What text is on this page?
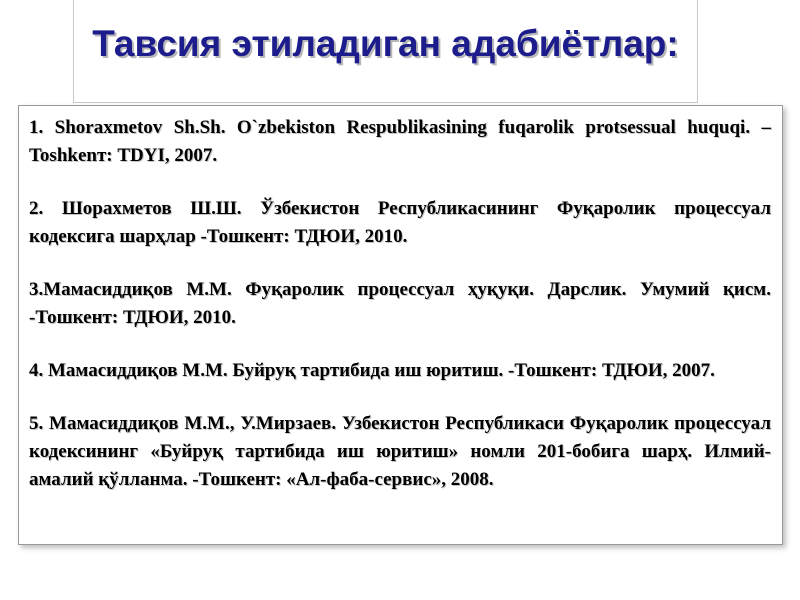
Тавсия этиладиган адабиётлар:

1. Shoraxmetov Sh.Sh. O`zbekiston Respublikasining fuqarolik protsessual huquqi. –Toshkenт: TDYI, 2007.

2. Шорахметов Ш.Ш. Ўзбекистон Республикасининг Фуқаролик процессуал кодексига шарҳлар -Тошкент: ТДЮИ, 2010.

3.Мамасиддиқов М.М. Фуқаролик процессуал ҳуқуқи. Дарслик. Умумий қисм. -Тошкент: ТДЮИ, 2010.

4. Мамасиддиқов М.М. Буйруқ тартибида иш юритиш. -Тошкент: ТДЮИ, 2007.

5. Мамасиддиқов М.М., У.Мирзаев. Узбекистон Республикаси Фуқаролик процессуал кодексининг «Буйруқ тартибида иш юритиш» номли 201-бобига шарҳ. Илмий-амалий қўлланма. -Тошкент: «Ал-фаба-сервис», 2008.
